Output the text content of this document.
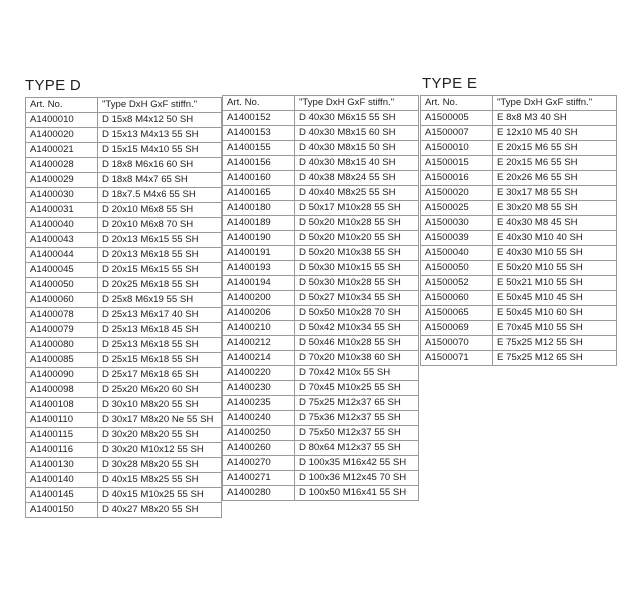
TYPE D	TYPE E
Art. No.	"Type DxH GxF stiffn."
A1400010	D 15x8 M4x12 50 SH
A1400020	D 15x13 M4x13 55 SH
A1400021	D 15x15 M4x10 55 SH
A1400028	D 18x8 M6x16 60 SH
A1400029	D 18x8 M4x7 65 SH
A1400030	D 18x7.5 M4x6 55 SH
A1400031	D 20x10 M6x8 55 SH
A1400040	D 20x10 M6x8 70 SH
A1400043	D 20x13 M6x15 55 SH
A1400044	D 20x13 M6x18 55 SH
A1400045	D 20x15 M6x15 55 SH
A1400050	D 20x25 M6x18 55 SH
A1400060	D 25x8 M6x19 55 SH
A1400078	D 25x13 M6x17 40 SH
A1400079	D 25x13 M6x18 45 SH
A1400080	D 25x13 M6x18 55 SH
A1400085	D 25x15 M6x18 55 SH
A1400090	D 25x17 M6x18 65 SH
A1400098	D 25x20 M6x20 60 SH
A1400108	D 30x10 M8x20 55 SH
A1400110	D 30x17 M8x20 Ne 55 SH
A1400115	D 30x20 M8x20 55 SH
A1400116	D 30x20 M10x12 55 SH
A1400130	D 30x28 M8x20 55 SH
A1400140	D 40x15 M8x25 55 SH
A1400145	D 40x15 M10x25 55 SH
A1400150	D 40x27 M8x20 55 SH
Art. No.	"Type DxH GxF stiffn."
A1400152	D 40x30 M6x15 55 SH
A1400153	D 40x30 M8x15 60 SH
A1400155	D 40x30 M8x15 50 SH
A1400156	D 40x30 M8x15 40 SH
A1400160	D 40x38 M8x24 55 SH
A1400165	D 40x40 M8x25 55 SH
A1400180	D 50x17 M10x28 55 SH
A1400189	D 50x20 M10x28 55 SH
A1400190	D 50x20 M10x20 55 SH
A1400191	D 50x20 M10x38 55 SH
A1400193	D 50x30 M10x15 55 SH
A1400194	D 50x30 M10x28 55 SH
A1400200	D 50x27 M10x34 55 SH
A1400206	D 50x50 M10x28 70 SH
A1400210	D 50x42 M10x34 55 SH
A1400212	D 50x46 M10x28 55 SH
A1400214	D 70x20 M10x38 60 SH
A1400220	D 70x42 M10x 55 SH
A1400230	D 70x45 M10x25 55 SH
A1400235	D 75x25 M12x37 65 SH
A1400240	D 75x36 M12x37 55 SH
A1400250	D 75x50 M12x37 55 SH
A1400260	D 80x64 M12x37 55 SH
A1400270	D 100x35 M16x42 55 SH
A1400271	D 100x36 M12x45 70 SH
A1400280	D 100x50 M16x41 55 SH
Art. No.	"Type DxH GxF stiffn."
A1500005	E 8x8 M3 40 SH
A1500007	E 12x10 M5 40 SH
A1500010	E 20x15 M6 55 SH
A1500015	E 20x15 M6 55 SH
A1500016	E 20x26 M6 55 SH
A1500020	E 30x17 M8 55 SH
A1500025	E 30x20 M8 55 SH
A1500030	E 40x30 M8 45 SH
A1500039	E 40x30 M10 40 SH
A1500040	E 40x30 M10 55 SH
A1500050	E 50x20 M10 55 SH
A1500052	E 50x21 M10 55 SH
A1500060	E 50x45 M10 45 SH
A1500065	E 50x45 M10 60 SH
A1500069	E 70x45 M10 55 SH
A1500070	E 75x25 M12 55 SH
A1500071	E 75x25 M12 65 SH
